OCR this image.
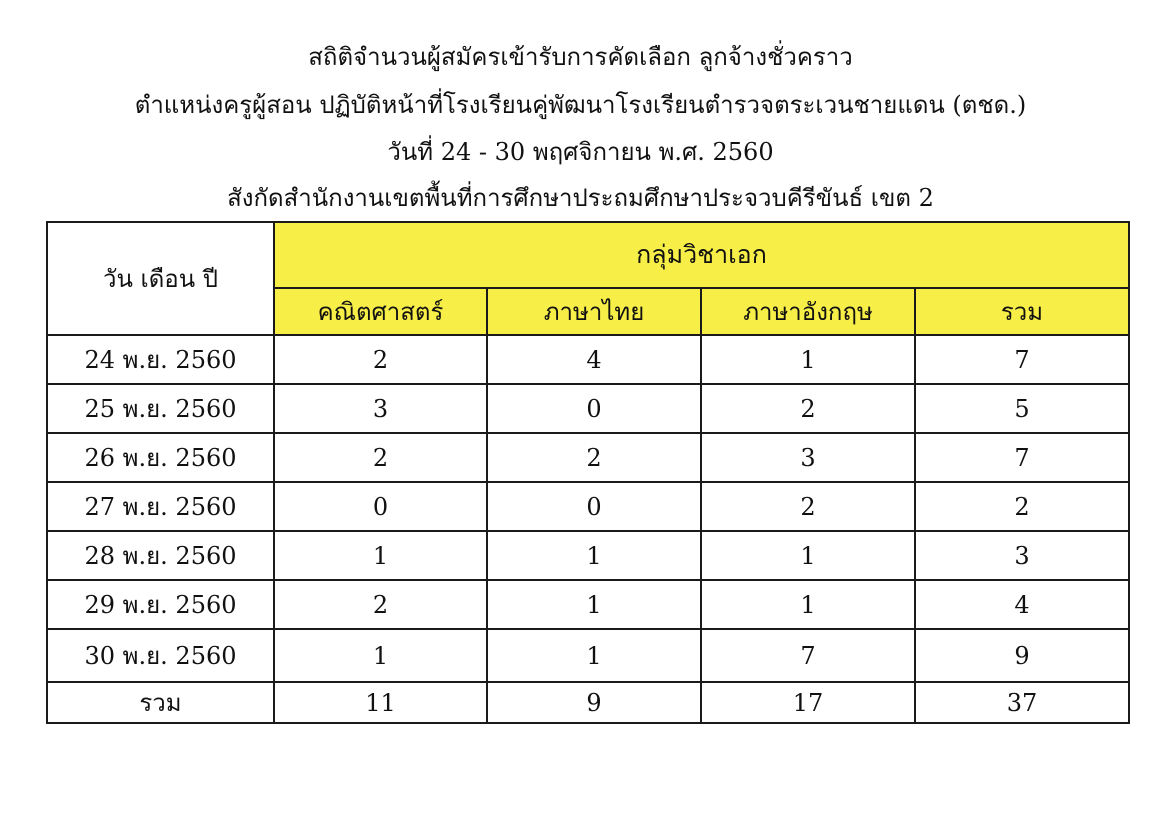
สถิติจำนวนผู้สมัครเข้ารับการคัดเลือก ลูกจ้างชั่วคราว
ตำแหน่งครูผู้สอน ปฏิบัติหน้าที่โรงเรียนคู่พัฒนาโรงเรียนตำรวจตระเวนชายแดน (ตชด.)
วันที่ 24 - 30 พฤศจิกายน พ.ศ. 2560
สังกัดสำนักงานเขตพื้นที่การศึกษาประถมศึกษาประจวบคีรีขันธ์ เขต 2
วัน เดือน ปี	กลุ่มวิชาเอก			
	คณิตศาสตร์	ภาษาไทย	ภาษาอังกฤษ	รวม
24 พ.ย. 2560	2	4	1	7
25 พ.ย. 2560	3	0	2	5
26 พ.ย. 2560	2	2	3	7
27 พ.ย. 2560	0	0	2	2
28 พ.ย. 2560	1	1	1	3
29 พ.ย. 2560	2	1	1	4
30 พ.ย. 2560	1	1	7	9
รวม	11	9	17	37
